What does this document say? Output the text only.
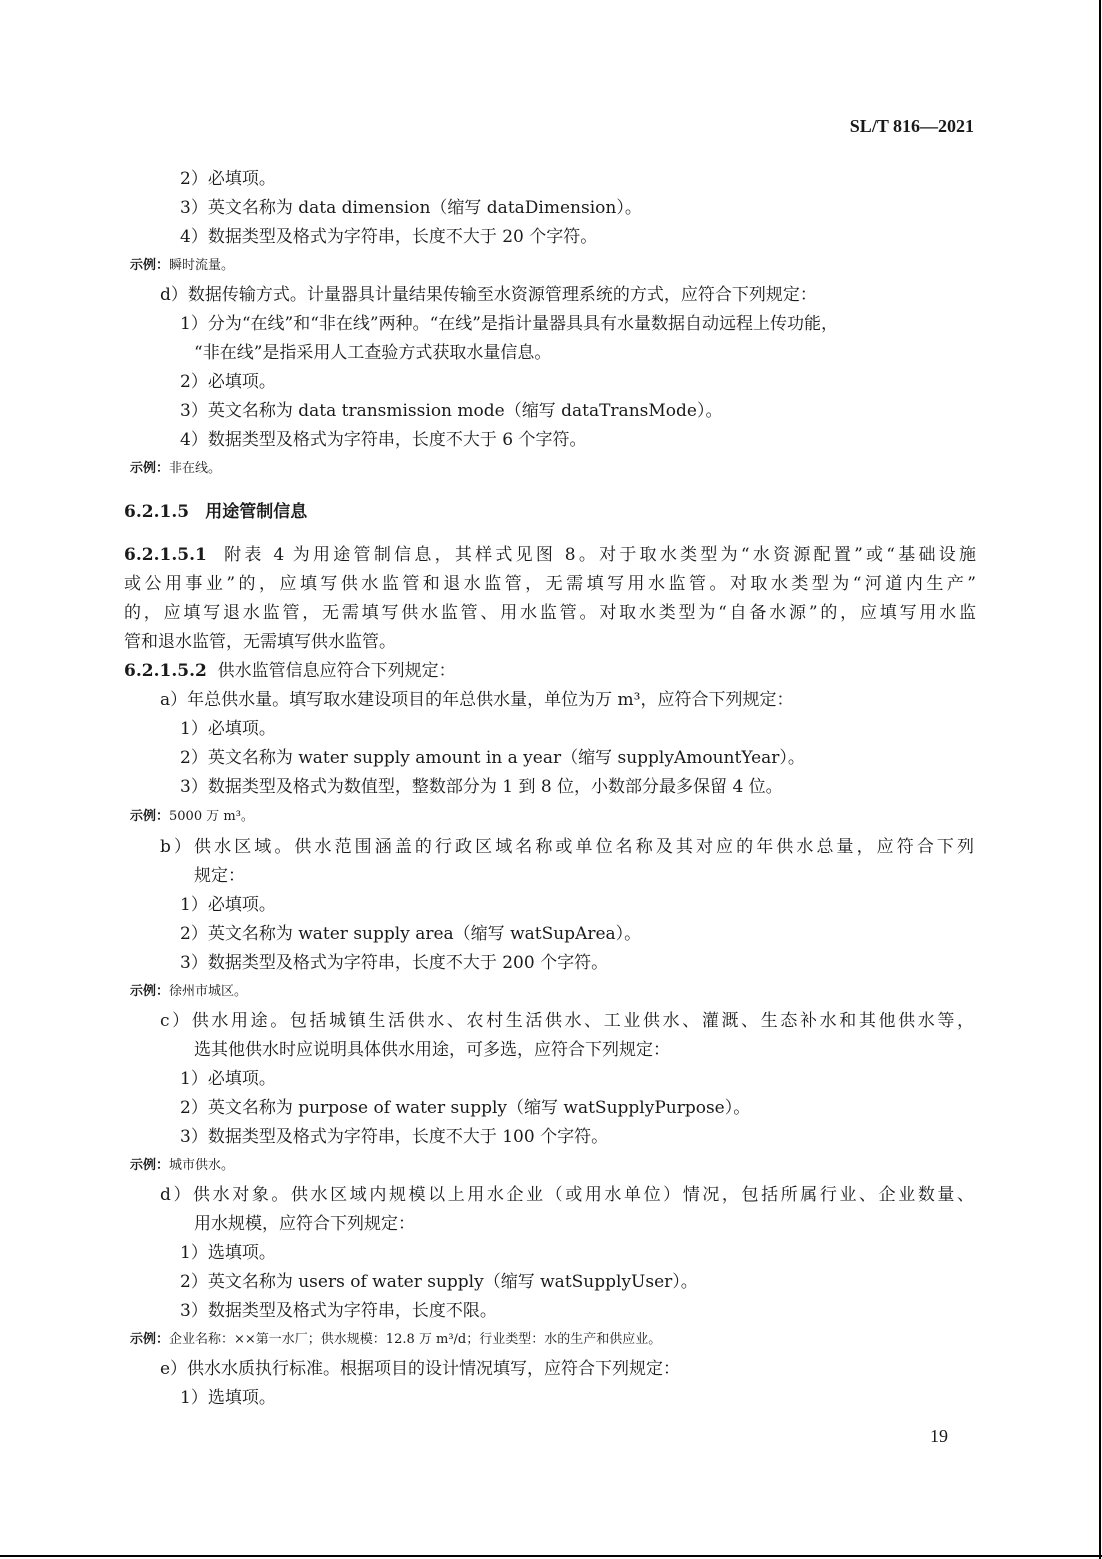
SL/T 816—2021
2）必填项。
3）英文名称为 data dimension（缩写 dataDimension）。
4）数据类型及格式为字符串，长度不大于 20 个字符。
示例：瞬时流量。
d）数据传输方式。计量器具计量结果传输至水资源管理系统的方式，应符合下列规定：
1）分为“在线”和“非在线”两种。“在线”是指计量器具具有水量数据自动远程上传功能，
“非在线”是指采用人工查验方式获取水量信息。
2）必填项。
3）英文名称为 data transmission mode（缩写 dataTransMode）。
4）数据类型及格式为字符串，长度不大于 6 个字符。
示例：非在线。
6.2.1.5 用途管制信息
6.2.1.5.1 附表 4 为用途管制信息，其样式见图 8。对于取水类型为“水资源配置”或“基础设施
或公用事业”的，应填写供水监管和退水监管，无需填写用水监管。对取水类型为“河道内生产”
的，应填写退水监管，无需填写供水监管、用水监管。对取水类型为“自备水源”的，应填写用水监
管和退水监管，无需填写供水监管。
6.2.1.5.2 供水监管信息应符合下列规定：
a）年总供水量。填写取水建设项目的年总供水量，单位为万 m³，应符合下列规定：
1）必填项。
2）英文名称为 water supply amount in a year（缩写 supplyAmountYear）。
3）数据类型及格式为数值型，整数部分为 1 到 8 位，小数部分最多保留 4 位。
示例：5000 万 m³。
b）供水区域。供水范围涵盖的行政区域名称或单位名称及其对应的年供水总量，应符合下列
规定：
1）必填项。
2）英文名称为 water supply area（缩写 watSupArea）。
3）数据类型及格式为字符串，长度不大于 200 个字符。
示例：徐州市城区。
c）供水用途。包括城镇生活供水、农村生活供水、工业供水、灌溉、生态补水和其他供水等，
选其他供水时应说明具体供水用途，可多选，应符合下列规定：
1）必填项。
2）英文名称为 purpose of water supply（缩写 watSupplyPurpose）。
3）数据类型及格式为字符串，长度不大于 100 个字符。
示例：城市供水。
d）供水对象。供水区域内规模以上用水企业（或用水单位）情况，包括所属行业、企业数量、
用水规模，应符合下列规定：
1）选填项。
2）英文名称为 users of water supply（缩写 watSupplyUser）。
3）数据类型及格式为字符串，长度不限。
示例：企业名称：××第一水厂；供水规模：12.8 万 m³/d；行业类型：水的生产和供应业。
e）供水水质执行标准。根据项目的设计情况填写，应符合下列规定：
1）选填项。
19
